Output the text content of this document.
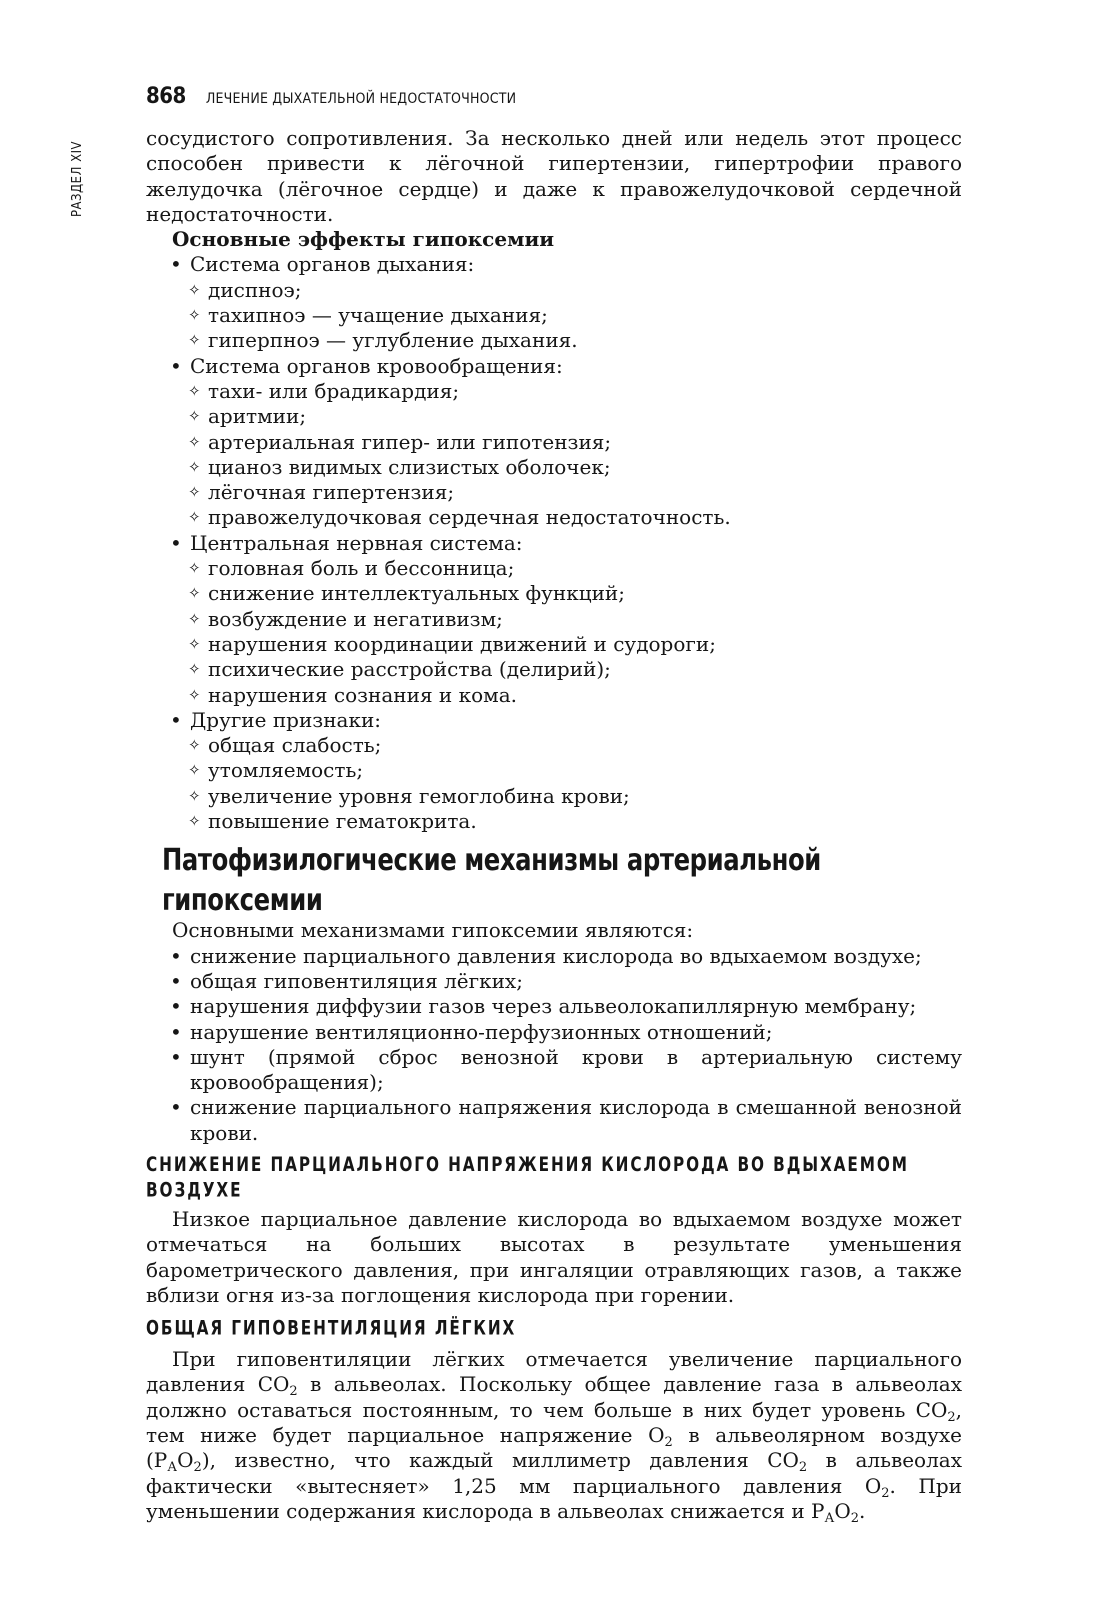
РАЗДЕЛ XIV
868 ЛЕЧЕНИЕ ДЫХАТЕЛЬНОЙ НЕДОСТАТОЧНОСТИ

сосудистого сопротивления. За несколько дней или недель этот процесс способен привести к лёгочной гипертензии, гипертрофии правого желудочка (лёгочное сердце) и даже к правожелудочковой сердечной недостаточности.

Основные эффекты гипоксемии
• Система органов дыхания:
✧ диспноэ;
✧ тахипноэ — учащение дыхания;
✧ гиперпноэ — углубление дыхания.
• Система органов кровообращения:
✧ тахи- или брадикардия;
✧ аритмии;
✧ артериальная гипер- или гипотензия;
✧ цианоз видимых слизистых оболочек;
✧ лёгочная гипертензия;
✧ правожелудочковая сердечная недостаточность.
• Центральная нервная система:
✧ головная боль и бессонница;
✧ снижение интеллектуальных функций;
✧ возбуждение и негативизм;
✧ нарушения координации движений и судороги;
✧ психические расстройства (делирий);
✧ нарушения сознания и кома.
• Другие признаки:
✧ общая слабость;
✧ утомляемость;
✧ увеличение уровня гемоглобина крови;
✧ повышение гематокрита.
Патофизилогические механизмы артериальной гипоксемии

Основными механизмами гипоксемии являются:

• снижение парциального давления кислорода во вдыхаемом воздухе;
• общая гиповентиляция лёгких;
• нарушения диффузии газов через альвеолокапиллярную мембрану;
• нарушение вентиляционно-перфузионных отношений;
• шунт (прямой сброс венозной крови в артериальную систему кровообращения);
• снижение парциального напряжения кислорода в смешанной венозной крови.
СНИЖЕНИЕ ПАРЦИАЛЬНОГО НАПРЯЖЕНИЯ КИСЛОРОДА ВО ВДЫХАЕМОМ ВОЗДУХЕ

Низкое парциальное давление кислорода во вдыхаемом воздухе может отмечаться на больших высотах в результате уменьшения барометрического давления, при ингаляции отравляющих газов, а также вблизи огня из-за поглощения кислорода при горении.

ОБЩАЯ ГИПОВЕНТИЛЯЦИЯ ЛЁГКИХ

При гиповентиляции лёгких отмечается увеличение парциального давления $СО_2$ в альвеолах. Поскольку общее давление газа в альвеолах должно оставаться постоянным, то чем больше в них будет уровень $СО_2$, тем ниже будет парциальное напряжение $О_2$ в альвеолярном воздухе $(Р_АО_2)$, известно, что каждый миллиметр давления $СО_2$ в альвеолах фактически «вытесняет» 1,25 мм парциального давления $О_2$. При уменьшении содержания кислорода в альвеолах снижается и $Р_АО_2$.
